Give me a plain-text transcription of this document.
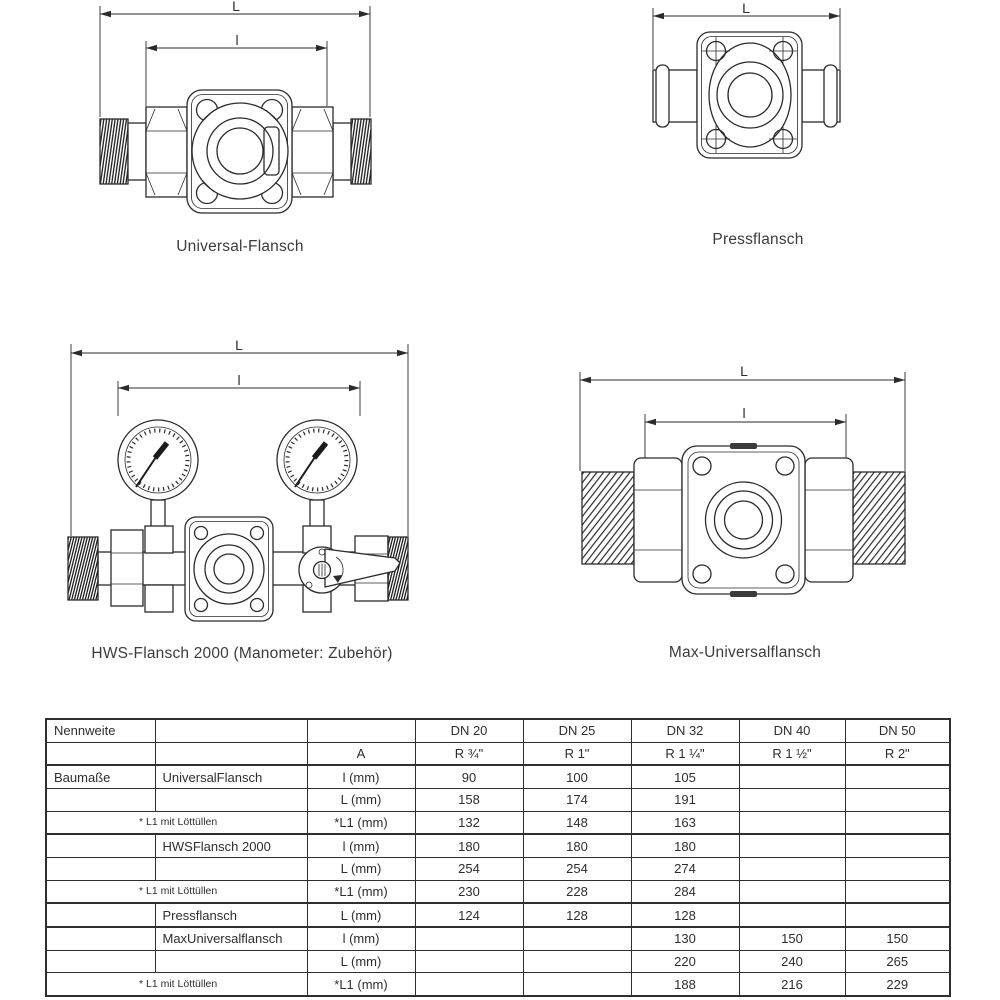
L
l
Universal-Flansch
L
Pressflansch
L
l
HWS-Flansch 2000 (Manometer: Zubehör)
L
l
Max-Universalflansch
Nennweite			DN 20	DN 25	DN 32	DN 40	DN 50
		A	R ¾"	R 1"	R 1 ¼"	R 1 ½"	R 2"
Baumaße	UniversalFlansch	l (mm)	90	100	105		
		L (mm)	158	174	191		
* L1 mit Löttüllen		*L1 (mm)	132	148	163		
	HWSFlansch 2000	l (mm)	180	180	180		
		L (mm)	254	254	274		
* L1 mit Löttüllen		*L1 (mm)	230	228	284		
	Pressflansch	L (mm)	124	128	128		
	MaxUniversalflansch	l (mm)			130	150	150
		L (mm)			220	240	265
* L1 mit Löttüllen		*L1 (mm)			188	216	229
